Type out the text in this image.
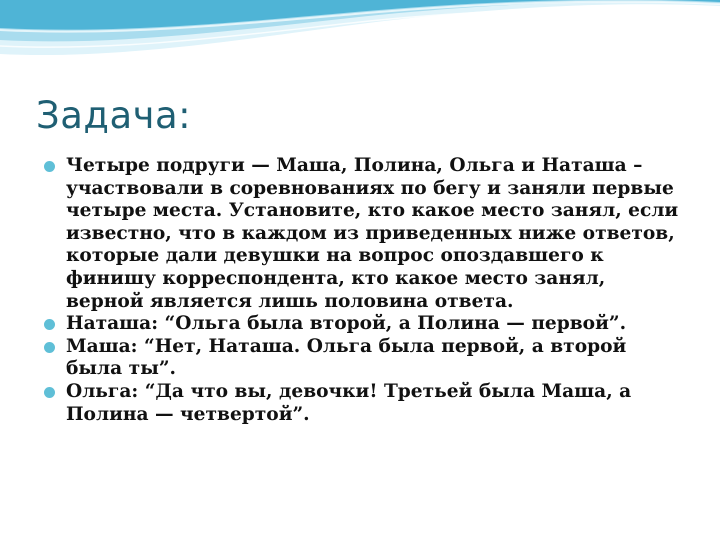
Задача:
Четыре подруги — Маша, Полина, Ольга и Наташа – участвовали в соревнованиях по бегу и заняли первые четыре места. Установите, кто какое место занял, если известно, что в каждом из приведенных ниже ответов, которые дали девушки на вопрос опоздавшего к финишу корреспондента, кто какое место занял, верной является лишь половина ответа.
Наташа: “Ольга была второй, а Полина — первой”.
Маша: “Нет, Наташа. Ольга была первой, а второй была ты”.
Ольга: “Да что вы, девочки! Третьей была Маша, а Полина — четвертой”.
